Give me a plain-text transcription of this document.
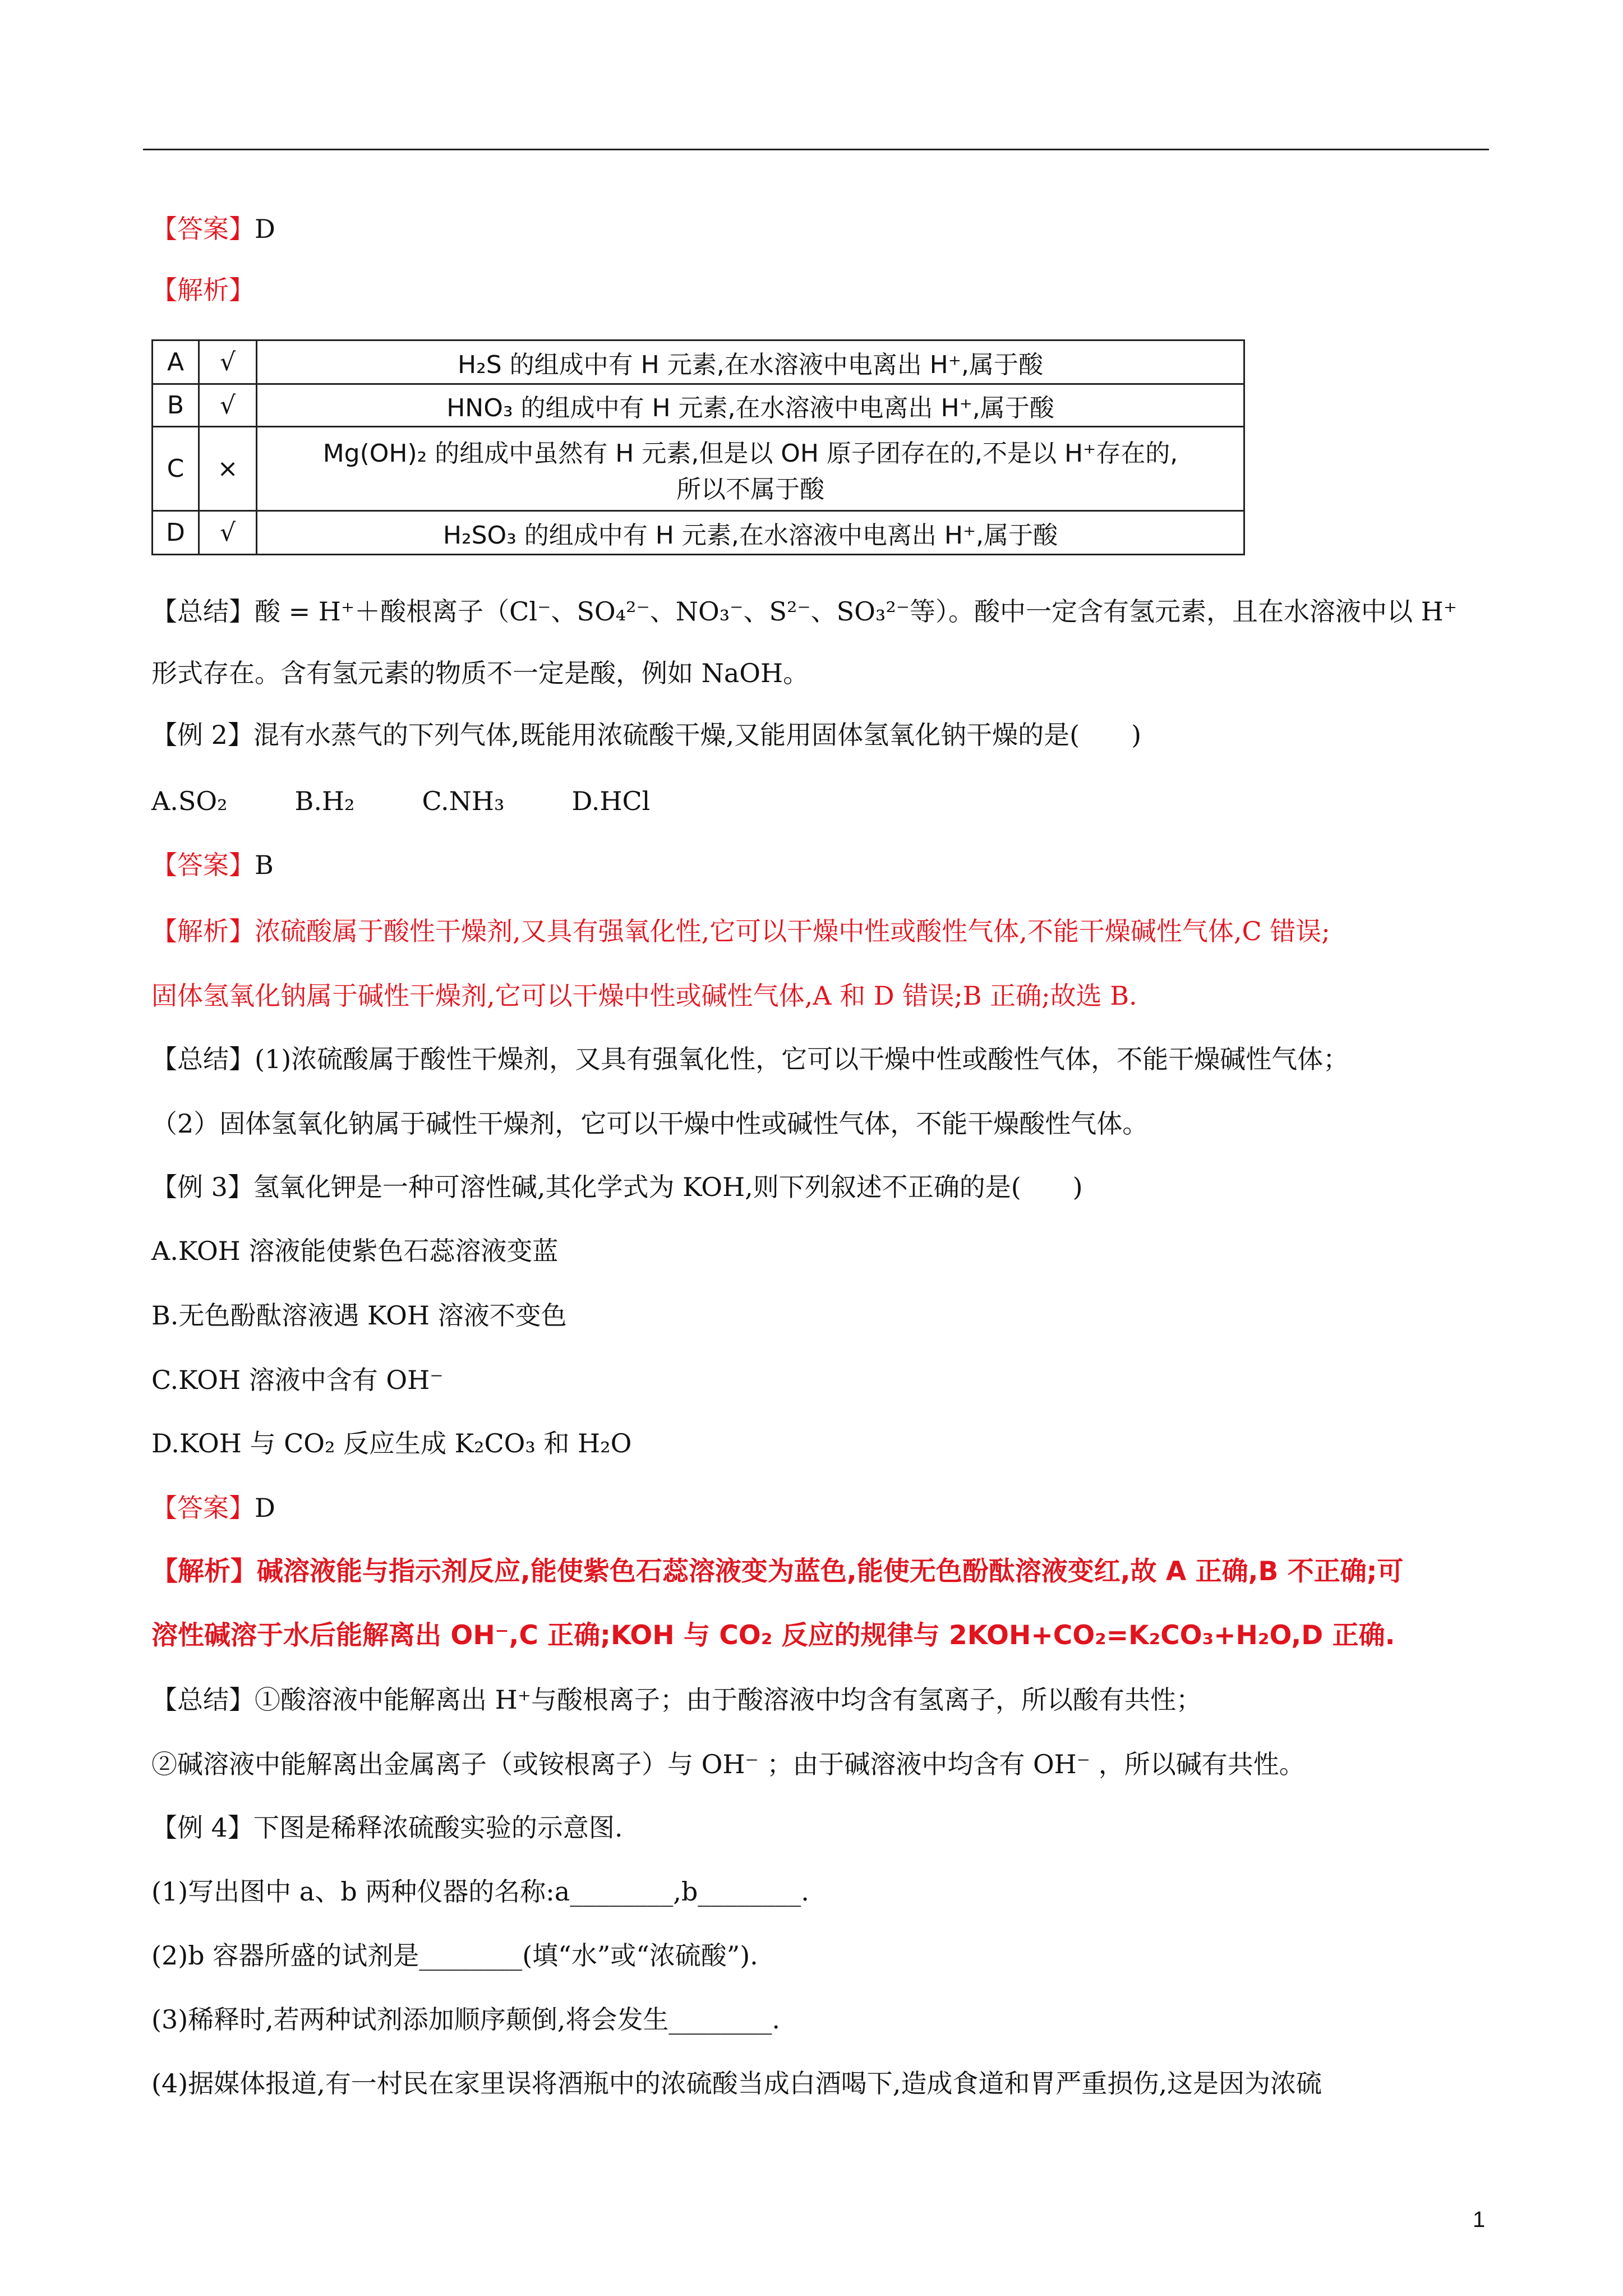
【答案】D
【解析】
A	√	H₂S 的组成中有 H 元素,在水溶液中电离出 H⁺,属于酸
B	√	HNO₃ 的组成中有 H 元素,在水溶液中电离出 H⁺,属于酸
C	×	Mg(OH)₂ 的组成中虽然有 H 元素,但是以 OH 原子团存在的,不是以 H⁺存在的,
所以不属于酸

D	√	H₂SO₃ 的组成中有 H 元素,在水溶液中电离出 H⁺,属于酸
【总结】酸 = H⁺＋酸根离子（Cl⁻、SO₄²⁻、NO₃⁻、S²⁻、SO₃²⁻等）。酸中一定含有氢元素，且在水溶液中以 H⁺
形式存在。含有氢元素的物质不一定是酸，例如 NaOH。
【例 2】混有水蒸气的下列气体,既能用浓硫酸干燥,又能用固体氢氧化钠干燥的是(　　)
A.SO₂	B.H₂	C.NH₃	D.HCl
【答案】B
【解析】浓硫酸属于酸性干燥剂,又具有强氧化性,它可以干燥中性或酸性气体,不能干燥碱性气体,C 错误;
固体氢氧化钠属于碱性干燥剂,它可以干燥中性或碱性气体,A 和 D 错误;B 正确;故选 B.
【总结】(1)浓硫酸属于酸性干燥剂，又具有强氧化性，它可以干燥中性或酸性气体，不能干燥碱性气体；
（2）固体氢氧化钠属于碱性干燥剂，它可以干燥中性或碱性气体，不能干燥酸性气体。
【例 3】氢氧化钾是一种可溶性碱,其化学式为 KOH,则下列叙述不正确的是(　　)
A.KOH 溶液能使紫色石蕊溶液变蓝
B.无色酚酞溶液遇 KOH 溶液不变色
C.KOH 溶液中含有 OH⁻
D.KOH 与 CO₂ 反应生成 K₂CO₃ 和 H₂O
【答案】D
【解析】碱溶液能与指示剂反应,能使紫色石蕊溶液变为蓝色,能使无色酚酞溶液变红,故 A 正确,B 不正确;可
溶性碱溶于水后能解离出 OH⁻,C 正确;KOH 与 CO₂ 反应的规律与 2KOH+CO₂=K₂CO₃+H₂O,D 正确.
【总结】①酸溶液中能解离出 H⁺与酸根离子；由于酸溶液中均含有氢离子，所以酸有共性；
②碱溶液中能解离出金属离子（或铵根离子）与 OH⁻ ；由于碱溶液中均含有 OH⁻ ，所以碱有共性。
【例 4】下图是稀释浓硫酸实验的示意图.
(1)写出图中 a、b 两种仪器的名称:a________,b________.
(2)b 容器所盛的试剂是________(填“水”或“浓硫酸”).
(3)稀释时,若两种试剂添加顺序颠倒,将会发生________.
(4)据媒体报道,有一村民在家里误将酒瓶中的浓硫酸当成白酒喝下,造成食道和胃严重损伤,这是因为浓硫
1
